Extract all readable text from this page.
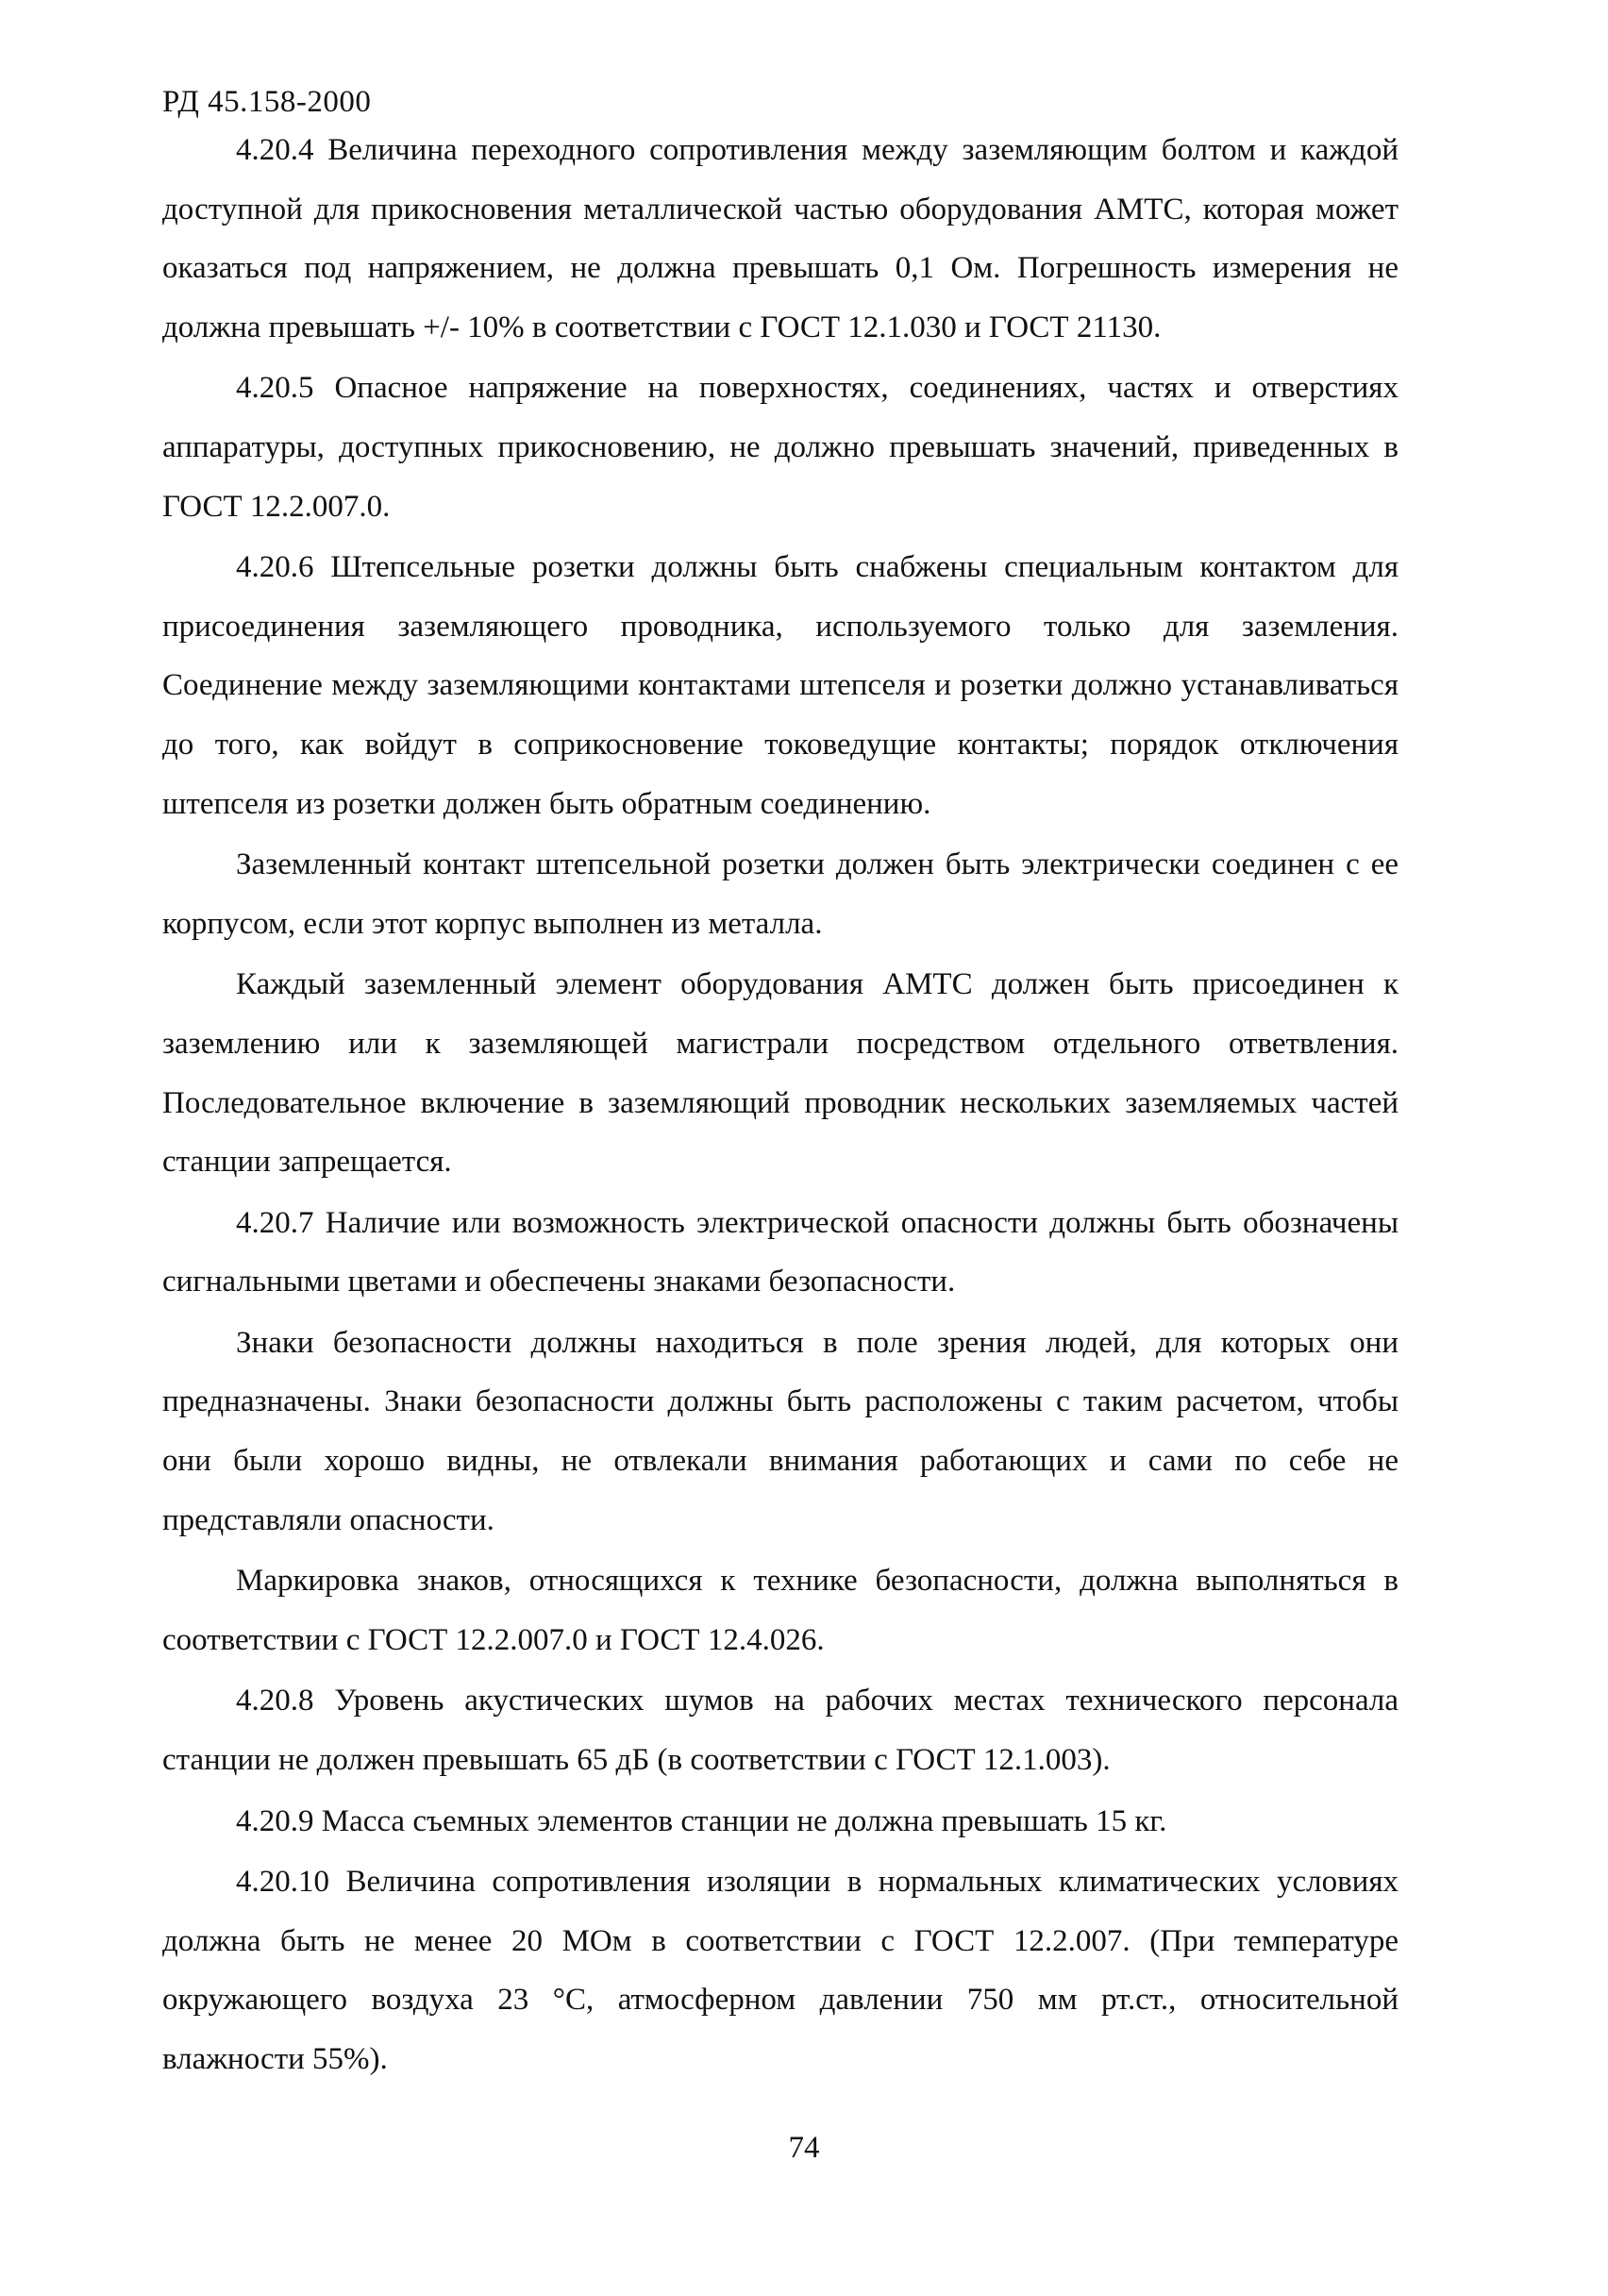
РД 45.158-2000

4.20.4 Величина переходного сопротивления между заземляющим болтом и каждой доступной для прикосновения металлической частью оборудования АМТС, которая может оказаться под напряжением, не должна превышать 0,1 Ом. Погрешность измерения не должна превышать +/- 10% в соответствии с ГОСТ 12.1.030 и ГОСТ 21130.

4.20.5 Опасное напряжение на поверхностях, соединениях, частях и отверстиях аппаратуры, доступных прикосновению, не должно превышать значений, приведенных в ГОСТ 12.2.007.0.

4.20.6 Штепсельные розетки должны быть снабжены специальным контактом для присоединения заземляющего проводника, используемого только для заземления. Соединение между заземляющими контактами штепселя и розетки должно устанавливаться до того, как войдут в соприкосновение токоведущие контакты; порядок отключения штепселя из розетки должен быть обратным соединению.

Заземленный контакт штепсельной розетки должен быть электрически соединен с ее корпусом, если этот корпус выполнен из металла.

Каждый заземленный элемент оборудования АМТС должен быть присоединен к заземлению или к заземляющей магистрали посредством отдельного ответвления. Последовательное включение в заземляющий проводник нескольких заземляемых частей станции запрещается.

4.20.7 Наличие или возможность электрической опасности должны быть обозначены сигнальными цветами и обеспечены знаками безопасности.

Знаки безопасности должны находиться в поле зрения людей, для которых они предназначены. Знаки безопасности должны быть расположены с таким расчетом, чтобы они были хорошо видны, не отвлекали внимания работающих и сами по себе не представляли опасности.

Маркировка знаков, относящихся к технике безопасности, должна выполняться в соответствии с ГОСТ 12.2.007.0 и ГОСТ 12.4.026.

4.20.8 Уровень акустических шумов на рабочих местах технического персонала станции не должен превышать 65 дБ (в соответствии с ГОСТ 12.1.003).

4.20.9 Масса съемных элементов станции не должна превышать 15 кг.

4.20.10 Величина сопротивления изоляции в нормальных климатических условиях должна быть не менее 20 МОм в соответствии с ГОСТ 12.2.007. (При температуре окружающего воздуха 23 °С, атмосферном давлении 750 мм рт.ст., относительной влажности 55%).

74
